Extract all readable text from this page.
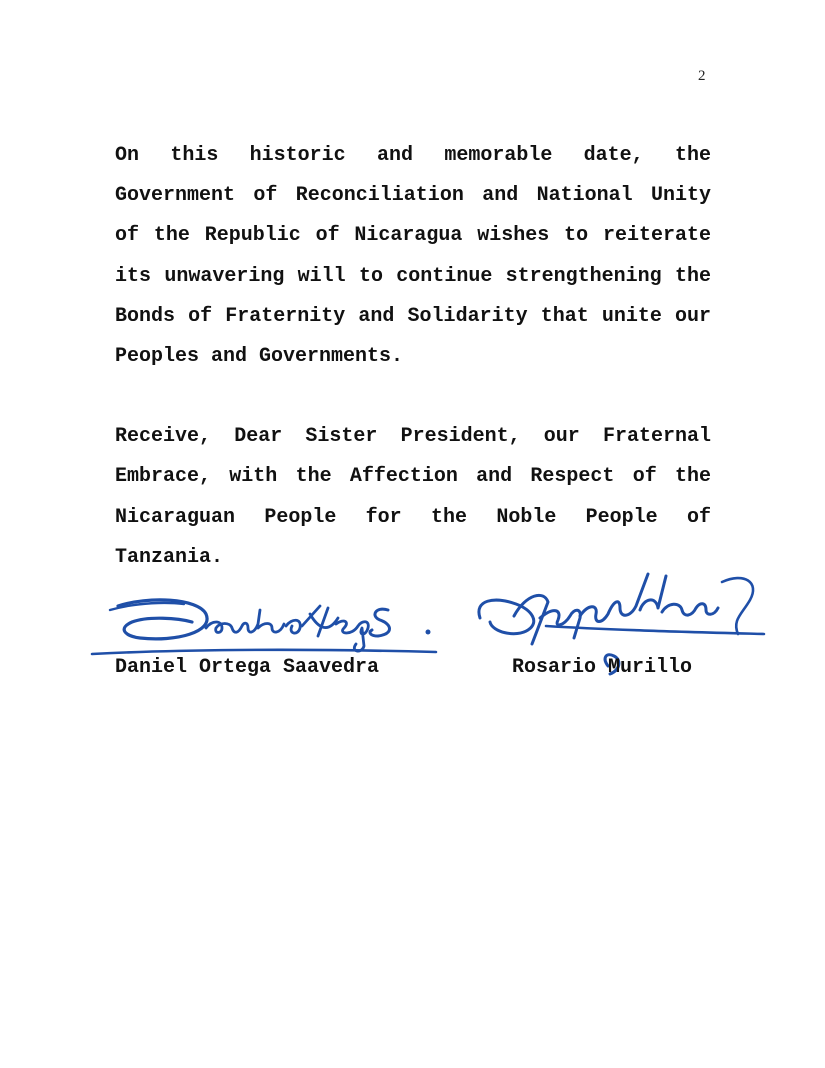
2

On this historic and memorable date, the Government of Reconciliation and National Unity of the Republic of Nicaragua wishes to reiterate its unwavering will to continue strengthening the Bonds of Fraternity and Solidarity that unite our Peoples and Governments.

Receive, Dear Sister President, our Fraternal Embrace, with the Affection and Respect of the Nicaraguan People for the Noble People of Tanzania.

Daniel Ortega Saavedra	Rosario Murillo
